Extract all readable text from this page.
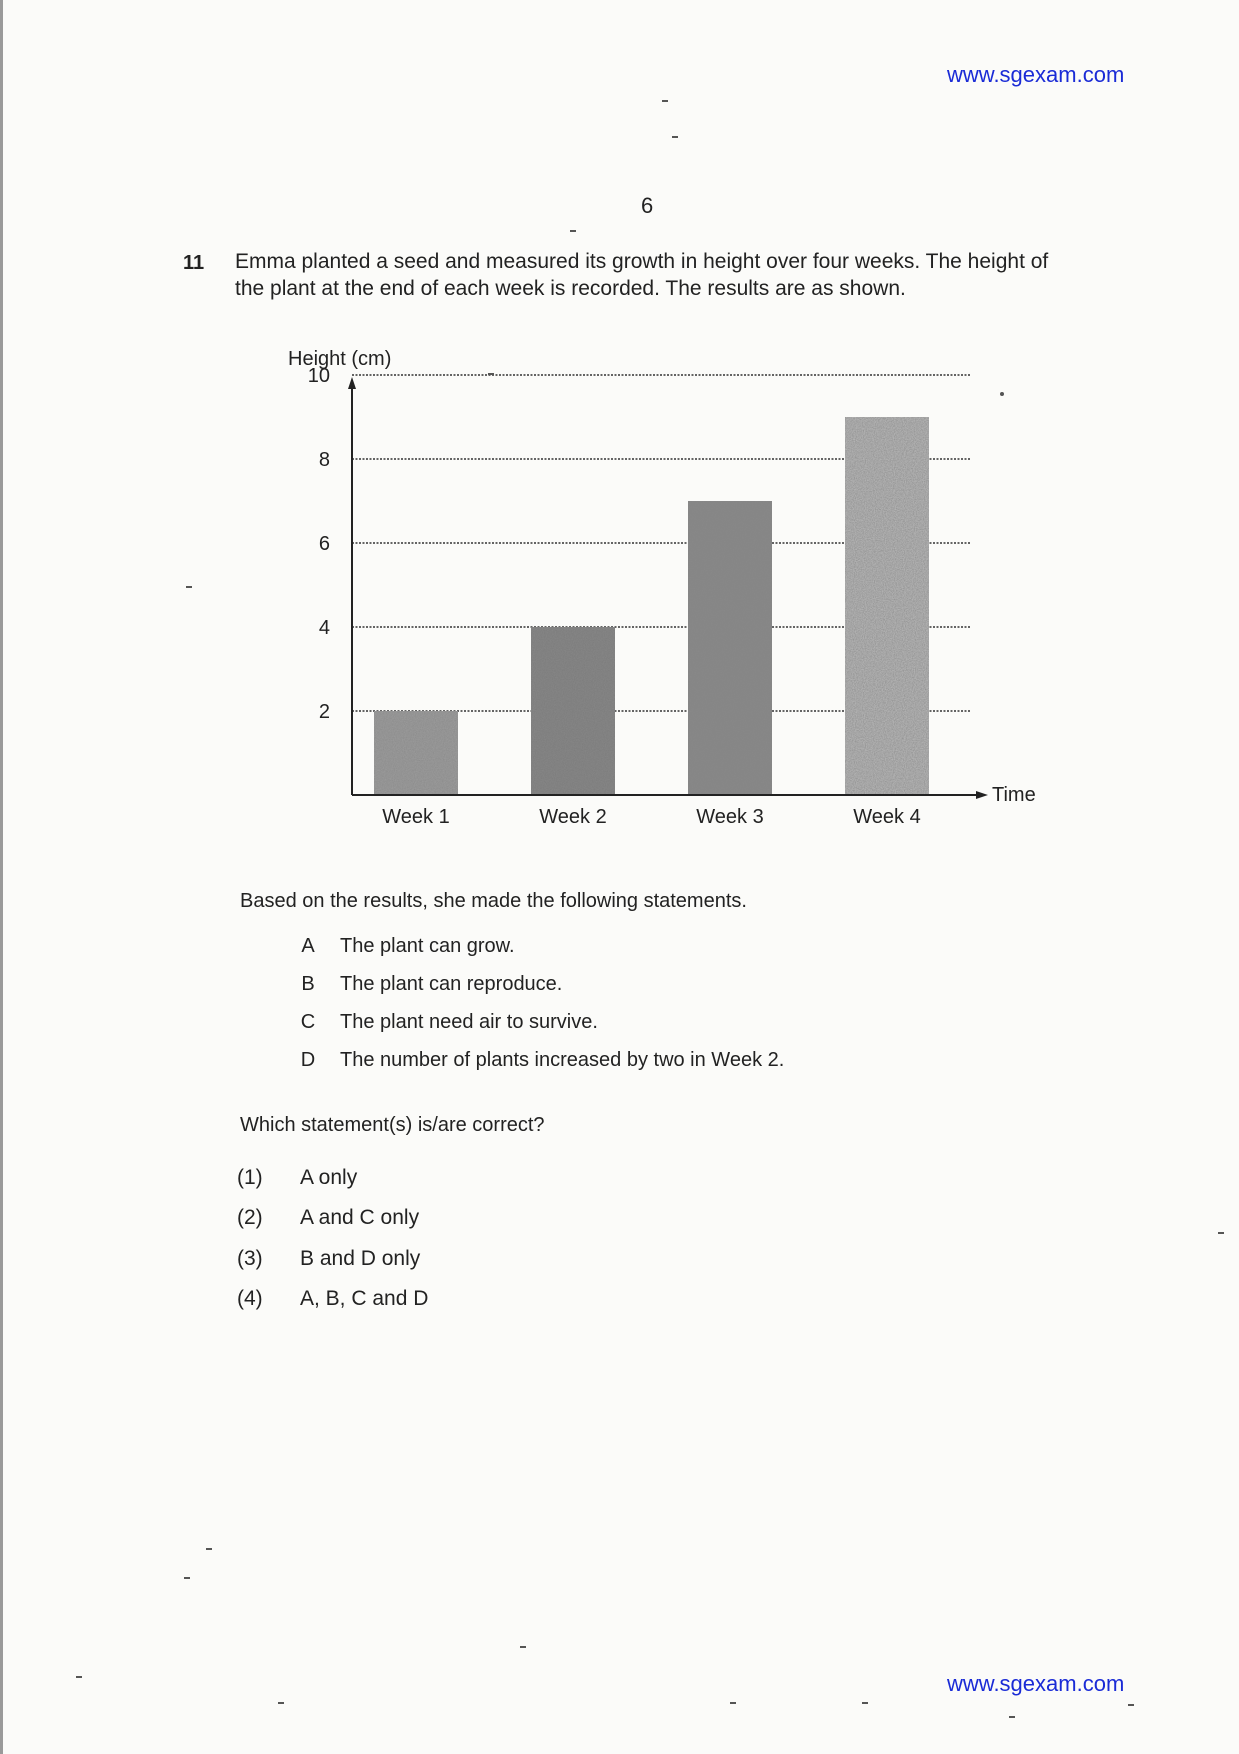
www.sgexam.com
6
11 Emma planted a seed and measured its growth in height over four weeks. The height of
the plant at the end of each week is recorded. The results are as shown.
2
4
6
8
10
Week 1	Week 2	Week 3	Week 4
Height (cm)
Time
Based on the results, she made the following statements.
A The plant can grow.
B The plant can reproduce.
C The plant need air to survive.
D The number of plants increased by two in Week 2.
Which statement(s) is/are correct?
(1) A only
(2) A and C only
(3) B and D only
(4) A, B, C and D
www.sgexam.com
